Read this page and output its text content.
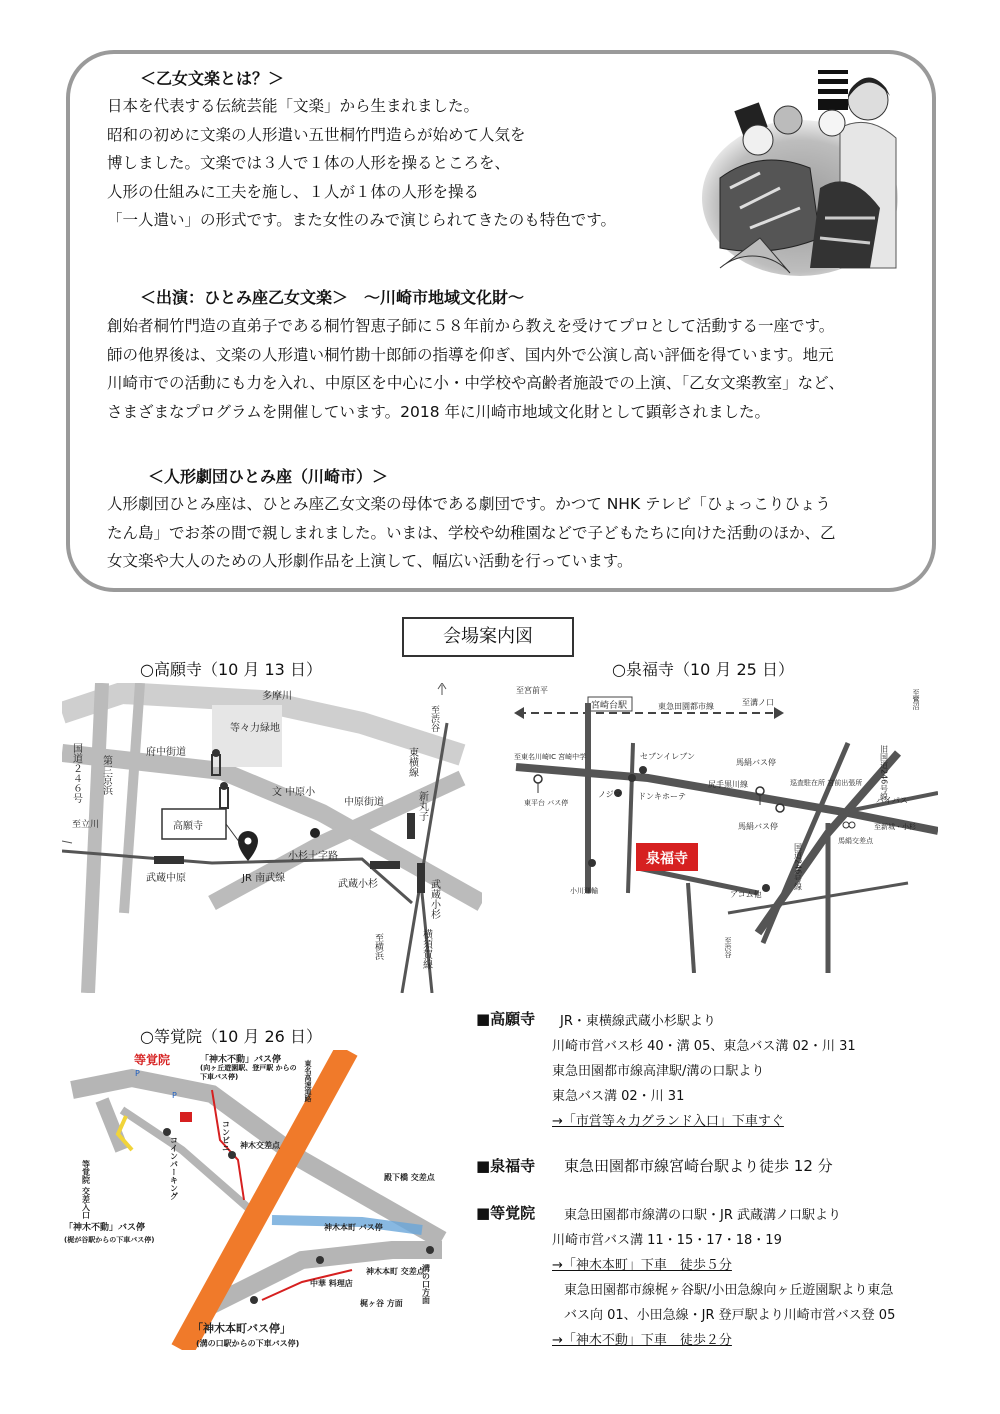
＜乙女文楽とは？＞
日本を代表する伝統芸能「文楽」から生まれました。
昭和の初めに文楽の人形遣い五世桐竹門造らが始めて人気を
博しました。文楽では３人で１体の人形を操るところを、
人形の仕組みに工夫を施し、１人が１体の人形を操る
「一人遣い」の形式です。また女性のみで演じられてきたのも特色です。
＜出演：ひとみ座乙女文楽＞　〜川崎市地域文化財〜
創始者桐竹門造の直弟子である桐竹智恵子師に５８年前から教えを受けてプロとして活動する一座です。
師の他界後は、文楽の人形遣い桐竹勘十郎師の指導を仰ぎ、国内外で公演し高い評価を得ています。地元
川崎市での活動にも力を入れ、中原区を中心に小・中学校や高齢者施設での上演、「乙女文楽教室」など、
さまざまなプログラムを開催しています。2018 年に川崎市地域文化財として顕彰されました。
＜人形劇団ひとみ座（川崎市）＞
人形劇団ひとみ座は、ひとみ座乙女文楽の母体である劇団です。かつて NHK テレビ「ひょっこりひょう
たん島」でお茶の間で親しまれました。いまは、学校や幼稚園などで子どもたちに向けた活動のほか、乙
女文楽や大人のための人形劇作品を上演して、幅広い活動を行っています。
会場案内図
○高願寺（10 月 13 日）
多摩川
等々力緑地
府中街道
国道２４６号 第三京浜	文 中原小
中原街道
東横線
新丸子
至渋谷
高願寺
小杉十字路
至立川
武蔵中原	JR 南武線
武蔵小杉	武蔵小杉
横須賀線
至横浜
○泉福寺（10 月 25 日）
至宮前平
宮崎台駅	東急田園都市線	至溝ノ口
至東名川崎IC 宮崎中学	セブンイレブン
馬絹バス停
尻手黒川線
東平台 バス停
ノジマ ドンキホーテ
巡査駐在所 宮前出張所
馬絹バス停
バイパス
至新城・小杉
馬絹交差点
泉福寺
旧国道246号線
国道246号線
小川運輸	アコム他
至鷺沼
至渋谷
○等覚院（10 月 26 日）
等覚院	「神木不動」バス停
(向ヶ丘遊園駅、登戸駅 からの下車バス停)
P
P
等覚院 交差入口
「神木不動」バス停
(梶が谷駅からの下車バス停)
コインパーキング	コンビニ 神木交差点
東名高速道路
殿下橋 交差点
神木本町 バス停
神木本町 交差点
溝の口方面
中華 料理店
梶ヶ谷 方面
「神木本町バス停」
(溝の口駅からの下車バス停)
■高願寺 JR・東横線武蔵小杉駅より
川崎市営バス杉 40・溝 05、東急バス溝 02・川 31
東急田園都市線高津駅/溝の口駅より
東急バス溝 02・川 31
→「市営等々力グランド入口」下車すぐ
■泉福寺 東急田園都市線宮崎台駅より徒歩 12 分
■等覚院 東急田園都市線溝の口駅・JR 武蔵溝ノ口駅より
川崎市営バス溝 11・15・17・18・19
→「神木本町」下車　徒歩５分
東急田園都市線梶ヶ谷駅/小田急線向ヶ丘遊園駅より東急
バス向 01、小田急線・JR 登戸駅より川崎市営バス登 05
→「神木不動」下車　徒歩２分
